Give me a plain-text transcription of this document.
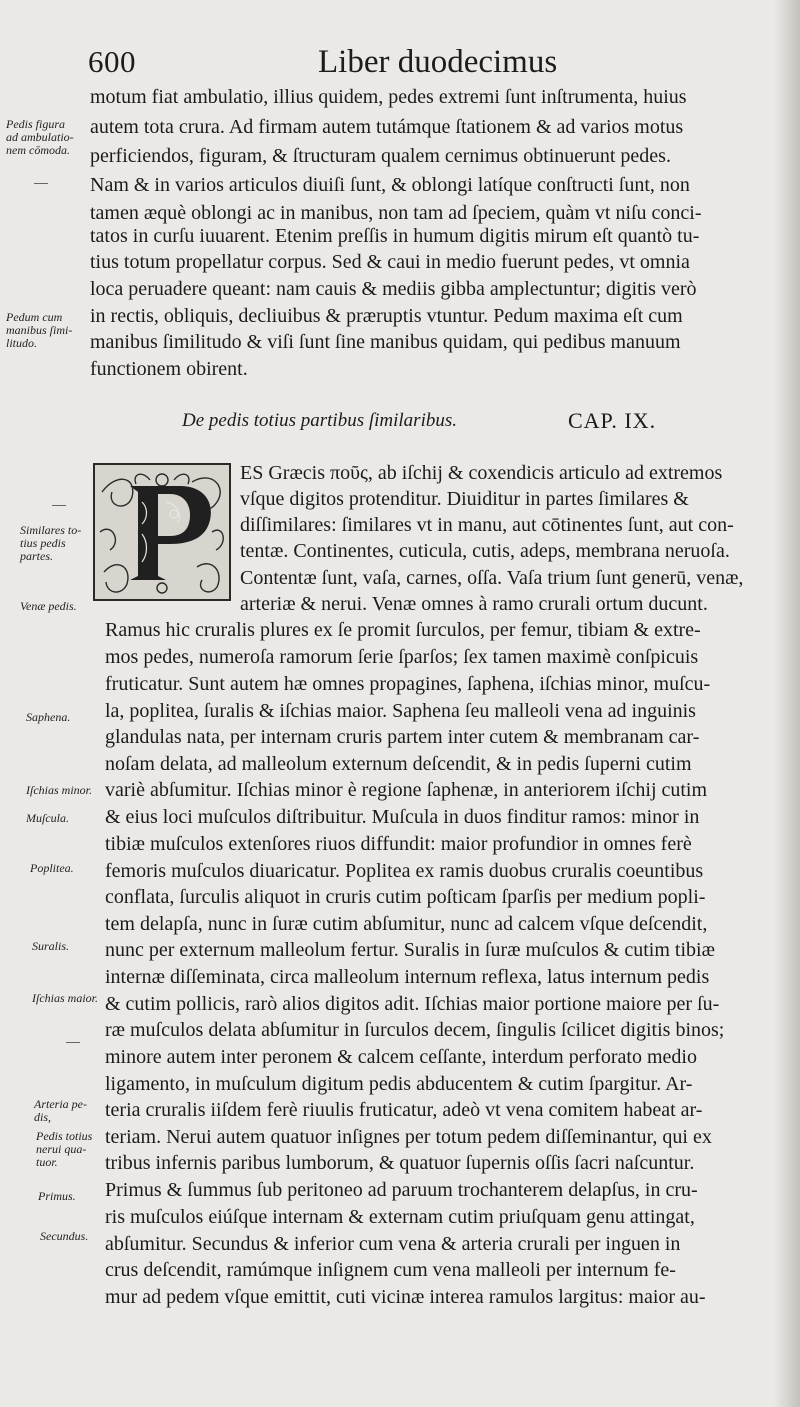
600	Liber duodecimus
motum fiat ambulatio, illius quidem, pedes extremi ſunt inſtrumenta, huius
autem tota crura. Ad firmam autem tutámque ſtationem & ad varios motus
perficiendos, figuram, & ſtructuram qualem cernimus obtinuerunt pedes.
Nam & in varios articulos diuiſi ſunt, & oblongi latíque conſtructi ſunt, non
tamen æquè oblongi ac in manibus, non tam ad ſpeciem, quàm vt niſu conci-
tatos in curſu iuuarent. Etenim preſſis in humum digitis mirum eſt quantò tu-
tius totum propellatur corpus. Sed & caui in medio fuerunt pedes, vt omnia
loca peruadere queant: nam cauis & mediis gibba amplectuntur; digitis verò
in rectis, obliquis, decliuibus & præruptis vtuntur. Pedum maxima eſt cum
manibus ſimilitudo & viſi ſunt ſine manibus quidam, qui pedibus manuum
functionem obirent.
De pedis totius partibus ſimilaribus.	CAP. IX.
ES Græcis ποῦς, ab iſchij & coxendicis articulo ad extremos
vſque digitos protenditur. Diuiditur in partes ſimilares &
diſſimilares: ſimilares vt in manu, aut cōtinentes ſunt, aut con-
tentæ. Continentes, cuticula, cutis, adeps, membrana neruoſa.
Contentæ ſunt, vaſa, carnes, oſſa. Vaſa trium ſunt generū, venæ,
arteriæ & nerui. Venæ omnes à ramo crurali ortum ducunt.
Ramus hic cruralis plures ex ſe promit ſurculos, per femur, tibiam & extre-
mos pedes, numeroſa ramorum ſerie ſparſos; ſex tamen maximè conſpicuis
fruticatur. Sunt autem hæ omnes propagines, ſaphena, iſchias minor, muſcu-
la, poplitea, ſuralis & iſchias maior. Saphena ſeu malleoli vena ad inguinis
glandulas nata, per internam cruris partem inter cutem & membranam car-
noſam delata, ad malleolum externum deſcendit, & in pedis ſuperni cutim
variè abſumitur. Iſchias minor è regione ſaphenæ, in anteriorem iſchij cutim
& eius loci muſculos diſtribuitur. Muſcula in duos finditur ramos: minor in
tibiæ muſculos extenſores riuos diffundit: maior profundior in omnes ferè
femoris muſculos diuaricatur. Poplitea ex ramis duobus cruralis coeuntibus
conflata, ſurculis aliquot in cruris cutim poſticam ſparſis per medium popli-
tem delapſa, nunc in ſuræ cutim abſumitur, nunc ad calcem vſque deſcendit,
nunc per externum malleolum fertur. Suralis in ſuræ muſculos & cutim tibiæ
internæ diſſeminata, circa malleolum internum reflexa, latus internum pedis
& cutim pollicis, rarò alios digitos adit. Iſchias maior portione maiore per ſu-
ræ muſculos delata abſumitur in ſurculos decem, ſingulis ſcilicet digitis binos;
minore autem inter peronem & calcem ceſſante, interdum perforato medio
ligamento, in muſculum digitum pedis abducentem & cutim ſpargitur. Ar-
teria cruralis iiſdem ferè riuulis fruticatur, adeò vt vena comitem habeat ar-
teriam. Nerui autem quatuor inſignes per totum pedem diſſeminantur, qui ex
tribus infernis paribus lumborum, & quatuor ſupernis oſſis ſacri naſcuntur.
Primus & ſummus ſub peritoneo ad paruum trochanterem delapſus, in cru-
ris muſculos eiúſque internam & externam cutim priuſquam genu attingat,
abſumitur. Secundus & inferior cum vena & arteria crurali per inguen in
crus deſcendit, ramúmque inſignem cum vena malleoli per internum fe-
mur ad pedem vſque emittit, cuti vicinæ interea ramulos largitus: maior au-
Pedis figura
ad ambulatio-
nem cōmoda.
Pedum cum
manibus ſimi-
litudo.
Similares to-
tius pedis
partes.
Venæ pedis.
Saphena.
Iſchias minor.
Muſcula.
Poplitea.
Suralis.
Iſchias maior.
Arteria pe-
dis,
Pedis totius
nerui qua-
tuor.
Primus.
Secundus.
